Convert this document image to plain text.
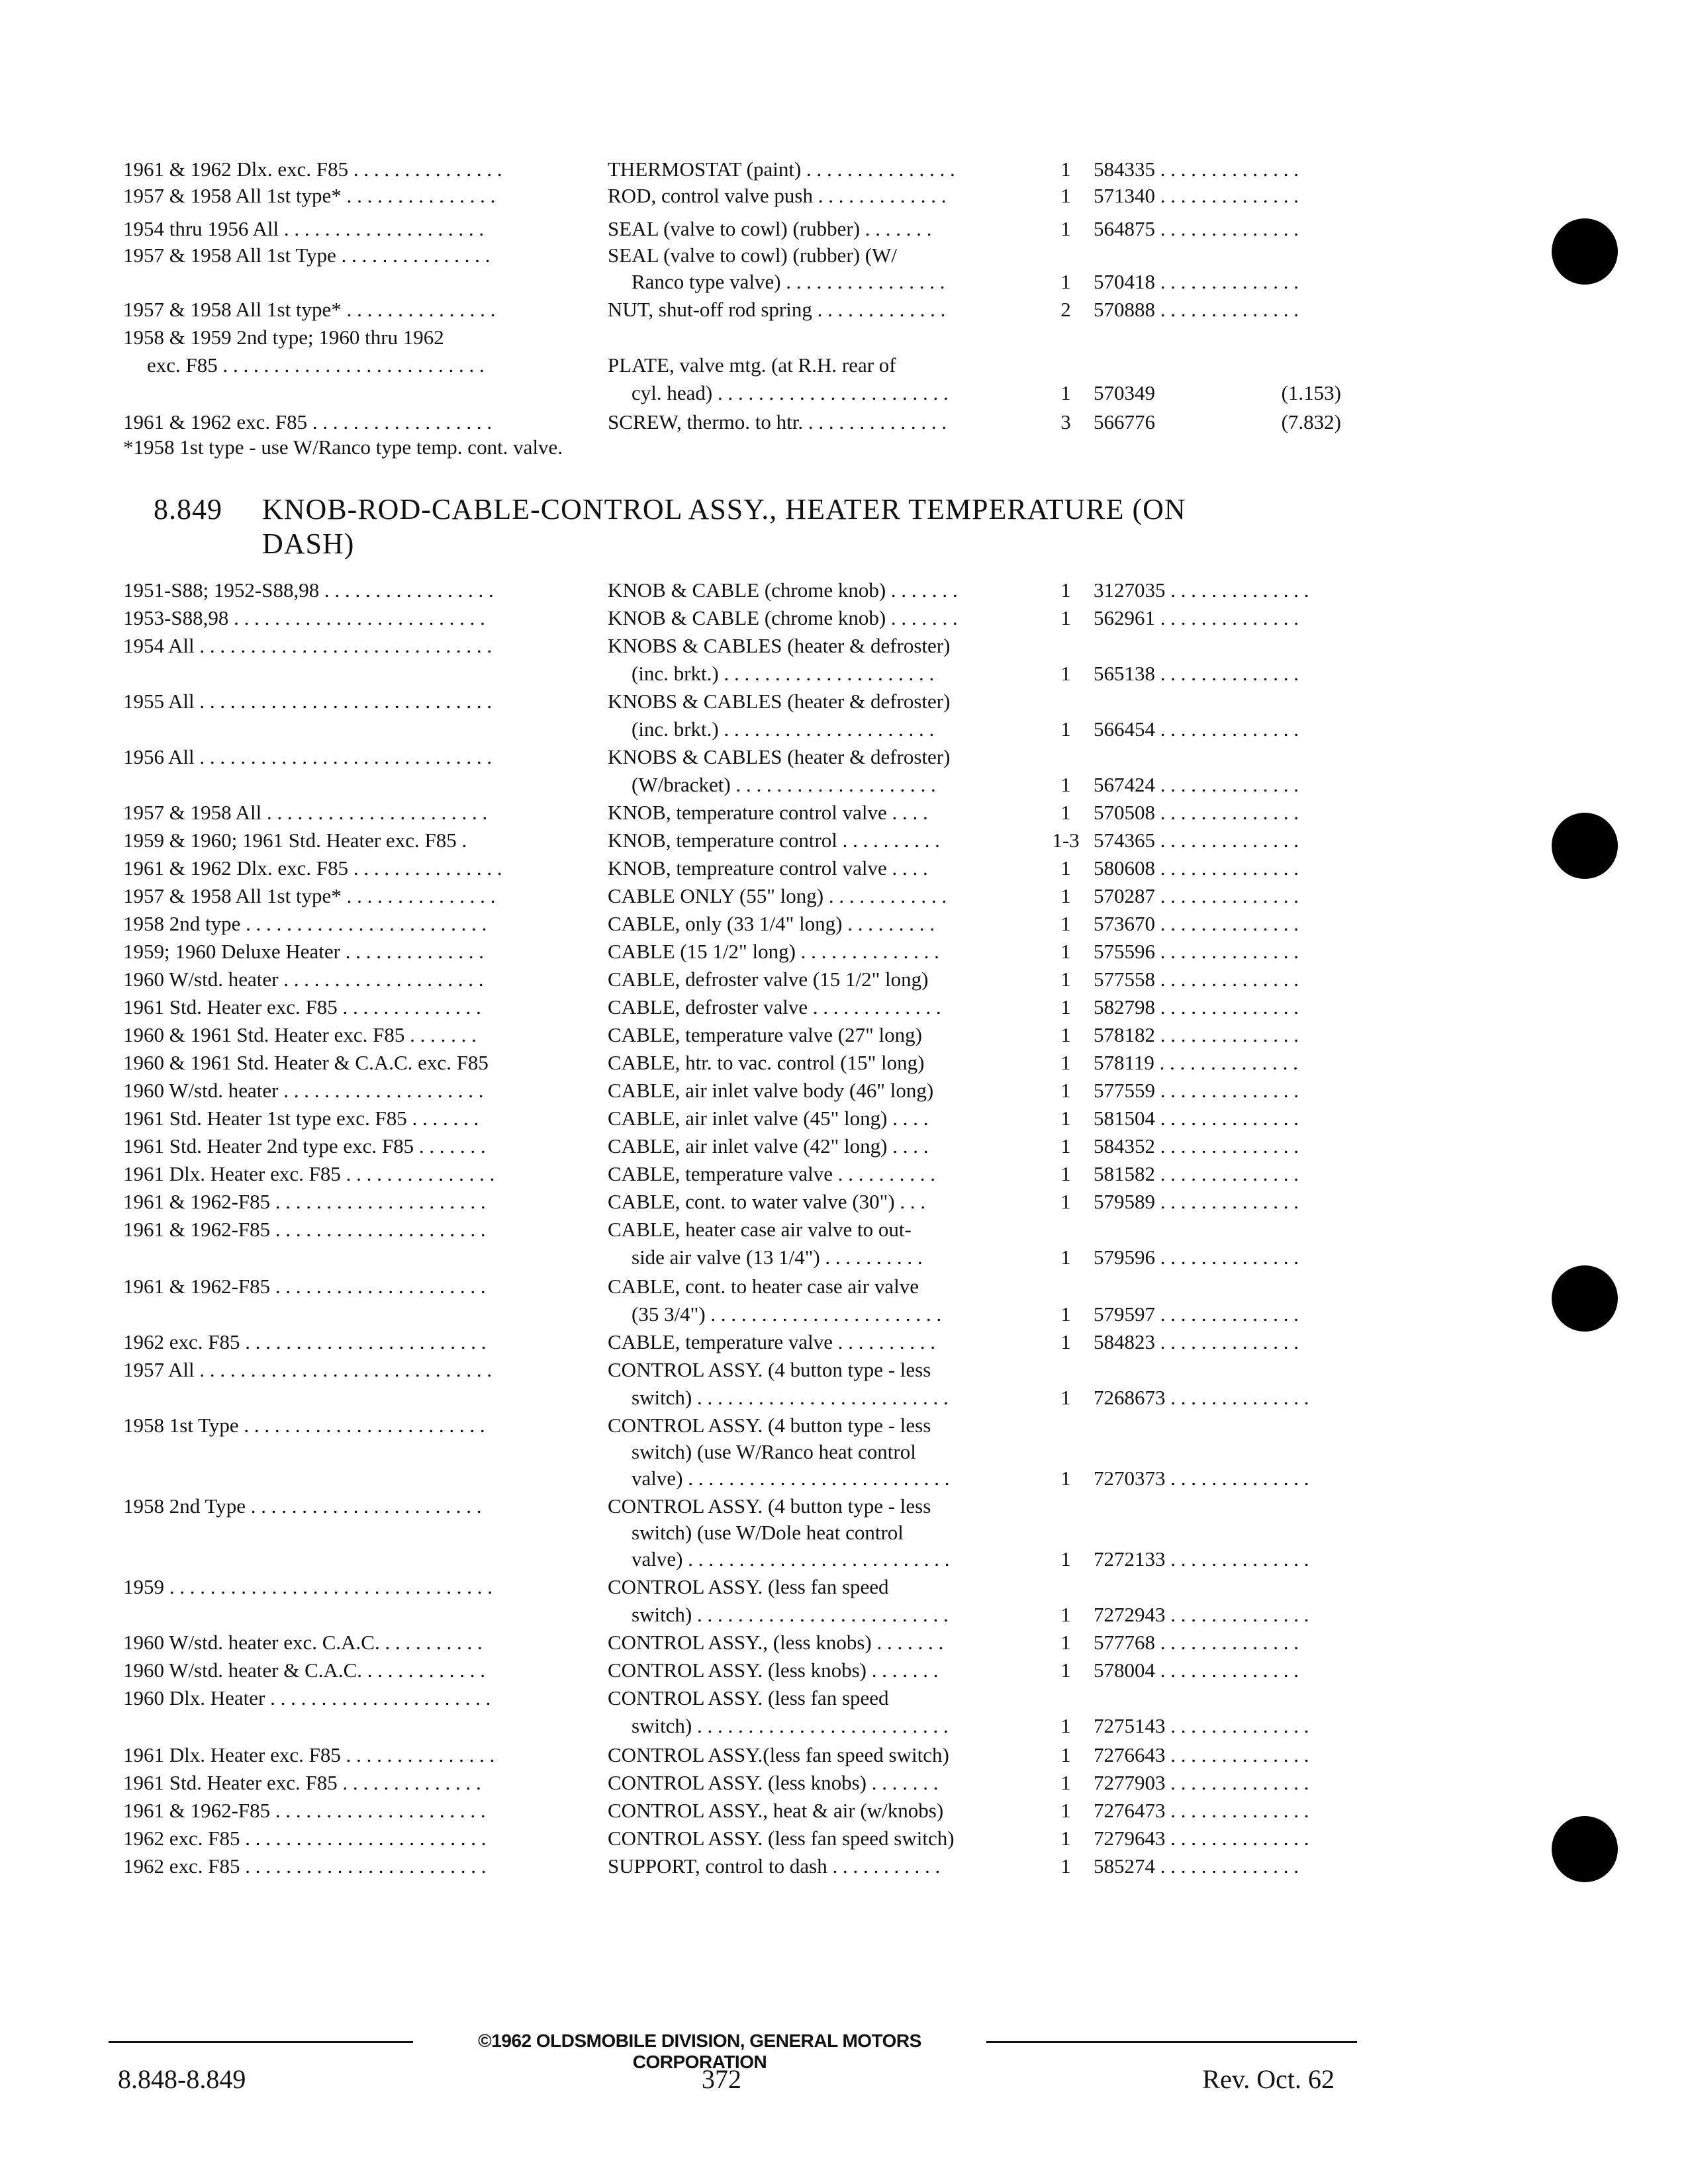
1961 & 1962 Dlx. exc. F85 . . . . . . . . . . . . . . .	THERMOSTAT (paint) . . . . . . . . . . . . . . .	1	584335 . . . . . . . . . . . . . .
1957 & 1958 All 1st type* . . . . . . . . . . . . . . .	ROD, control valve push . . . . . . . . . . . . .	1	571340 . . . . . . . . . . . . . .
1954 thru 1956 All . . . . . . . . . . . . . . . . . . . .	SEAL (valve to cowl) (rubber) . . . . . . .	1	564875 . . . . . . . . . . . . . .
1957 & 1958 All 1st Type . . . . . . . . . . . . . . .	SEAL (valve to cowl) (rubber) (W/
Ranco type valve) . . . . . . . . . . . . . . . .	1	570418 . . . . . . . . . . . . . .
1957 & 1958 All 1st type* . . . . . . . . . . . . . . .	NUT, shut-off rod spring . . . . . . . . . . . . .	2	570888 . . . . . . . . . . . . . .
1958 & 1959 2nd type; 1960 thru 1962
exc. F85 . . . . . . . . . . . . . . . . . . . . . . . . . .	PLATE, valve mtg. (at R.H. rear of
cyl. head) . . . . . . . . . . . . . . . . . . . . . . .	1	570349	(1.153)
1961 & 1962 exc. F85 . . . . . . . . . . . . . . . . . .	SCREW, thermo. to htr. . . . . . . . . . . . . . .	3	566776	(7.832)
*1958 1st type - use W/Ranco type temp. cont. valve.
8.849 KNOB-ROD-CABLE-CONTROL ASSY., HEATER TEMPERATURE (ON
DASH)
1951-S88; 1952-S88,98 . . . . . . . . . . . . . . . . .	KNOB & CABLE (chrome knob) . . . . . . .	1	3127035 . . . . . . . . . . . . . .
1953-S88,98 . . . . . . . . . . . . . . . . . . . . . . . . .	KNOB & CABLE (chrome knob) . . . . . . .	1	562961 . . . . . . . . . . . . . .
1954 All . . . . . . . . . . . . . . . . . . . . . . . . . . . . .	KNOBS & CABLES (heater & defroster)
(inc. brkt.) . . . . . . . . . . . . . . . . . . . . .	1	565138 . . . . . . . . . . . . . .
1955 All . . . . . . . . . . . . . . . . . . . . . . . . . . . . .	KNOBS & CABLES (heater & defroster)
(inc. brkt.) . . . . . . . . . . . . . . . . . . . . .	1	566454 . . . . . . . . . . . . . .
1956 All . . . . . . . . . . . . . . . . . . . . . . . . . . . . .	KNOBS & CABLES (heater & defroster)
(W/bracket) . . . . . . . . . . . . . . . . . . . .	1	567424 . . . . . . . . . . . . . .
1957 & 1958 All . . . . . . . . . . . . . . . . . . . . . .	KNOB, temperature control valve . . . .	1	570508 . . . . . . . . . . . . . .
1959 & 1960; 1961 Std. Heater exc. F85 .	KNOB, temperature control . . . . . . . . . .	1-3 574365 . . . . . . . . . . . . . .
1961 & 1962 Dlx. exc. F85 . . . . . . . . . . . . . . .	KNOB, tempreature control valve . . . .	1	580608 . . . . . . . . . . . . . .
1957 & 1958 All 1st type* . . . . . . . . . . . . . . .	CABLE ONLY (55" long) . . . . . . . . . . . .	1	570287 . . . . . . . . . . . . . .
1958 2nd type . . . . . . . . . . . . . . . . . . . . . . . .	CABLE, only (33 1/4" long) . . . . . . . . .	1	573670 . . . . . . . . . . . . . .
1959; 1960 Deluxe Heater . . . . . . . . . . . . . .	CABLE (15 1/2" long) . . . . . . . . . . . . . .	1	575596 . . . . . . . . . . . . . .
1960 W/std. heater . . . . . . . . . . . . . . . . . . . .	CABLE, defroster valve (15 1/2" long)	1	577558 . . . . . . . . . . . . . .
1961 Std. Heater exc. F85 . . . . . . . . . . . . . .	CABLE, defroster valve . . . . . . . . . . . . .	1	582798 . . . . . . . . . . . . . .
1960 & 1961 Std. Heater exc. F85 . . . . . . .	CABLE, temperature valve (27" long)	1	578182 . . . . . . . . . . . . . .
1960 & 1961 Std. Heater & C.A.C. exc. F85	CABLE, htr. to vac. control (15" long)	1	578119 . . . . . . . . . . . . . .
1960 W/std. heater . . . . . . . . . . . . . . . . . . . .	CABLE, air inlet valve body (46" long)	1	577559 . . . . . . . . . . . . . .
1961 Std. Heater 1st type exc. F85 . . . . . . .	CABLE, air inlet valve (45" long) . . . .	1	581504 . . . . . . . . . . . . . .
1961 Std. Heater 2nd type exc. F85 . . . . . . .	CABLE, air inlet valve (42" long) . . . .	1	584352 . . . . . . . . . . . . . .
1961 Dlx. Heater exc. F85 . . . . . . . . . . . . . . .	CABLE, temperature valve . . . . . . . . . .	1	581582 . . . . . . . . . . . . . .
1961 & 1962-F85 . . . . . . . . . . . . . . . . . . . . .	CABLE, cont. to water valve (30") . . .	1	579589 . . . . . . . . . . . . . .
1961 & 1962-F85 . . . . . . . . . . . . . . . . . . . . .	CABLE, heater case air valve to out-
side air valve (13 1/4") . . . . . . . . . .	1	579596 . . . . . . . . . . . . . .
1961 & 1962-F85 . . . . . . . . . . . . . . . . . . . . .	CABLE, cont. to heater case air valve
(35 3/4") . . . . . . . . . . . . . . . . . . . . . . .	1	579597 . . . . . . . . . . . . . .
1962 exc. F85 . . . . . . . . . . . . . . . . . . . . . . . .	CABLE, temperature valve . . . . . . . . . .	1	584823 . . . . . . . . . . . . . .
1957 All . . . . . . . . . . . . . . . . . . . . . . . . . . . . .	CONTROL ASSY. (4 button type - less
switch) . . . . . . . . . . . . . . . . . . . . . . . . .	1	7268673 . . . . . . . . . . . . . .
1958 1st Type . . . . . . . . . . . . . . . . . . . . . . . .	CONTROL ASSY. (4 button type - less
switch) (use W/Ranco heat control
valve) . . . . . . . . . . . . . . . . . . . . . . . . . .	1	7270373 . . . . . . . . . . . . . .
1958 2nd Type . . . . . . . . . . . . . . . . . . . . . . .	CONTROL ASSY. (4 button type - less
switch) (use W/Dole heat control
valve) . . . . . . . . . . . . . . . . . . . . . . . . . .	1	7272133 . . . . . . . . . . . . . .
1959 . . . . . . . . . . . . . . . . . . . . . . . . . . . . . . . .	CONTROL ASSY. (less fan speed
switch) . . . . . . . . . . . . . . . . . . . . . . . . .	1	7272943 . . . . . . . . . . . . . .
1960 W/std. heater exc. C.A.C. . . . . . . . . . .	CONTROL ASSY., (less knobs) . . . . . . .	1	577768 . . . . . . . . . . . . . .
1960 W/std. heater & C.A.C. . . . . . . . . . . . .	CONTROL ASSY. (less knobs) . . . . . . .	1	578004 . . . . . . . . . . . . . .
1960 Dlx. Heater . . . . . . . . . . . . . . . . . . . . . .	CONTROL ASSY. (less fan speed
switch) . . . . . . . . . . . . . . . . . . . . . . . . .	1	7275143 . . . . . . . . . . . . . .
1961 Dlx. Heater exc. F85 . . . . . . . . . . . . . . .	CONTROL ASSY.(less fan speed switch)	1	7276643 . . . . . . . . . . . . . .
1961 Std. Heater exc. F85 . . . . . . . . . . . . . .	CONTROL ASSY. (less knobs) . . . . . . .	1	7277903 . . . . . . . . . . . . . .
1961 & 1962-F85 . . . . . . . . . . . . . . . . . . . . .	CONTROL ASSY., heat & air (w/knobs)	1	7276473 . . . . . . . . . . . . . .
1962 exc. F85 . . . . . . . . . . . . . . . . . . . . . . . .	CONTROL ASSY. (less fan speed switch)	1	7279643 . . . . . . . . . . . . . .
1962 exc. F85 . . . . . . . . . . . . . . . . . . . . . . . .	SUPPORT, control to dash . . . . . . . . . . .	1	585274 . . . . . . . . . . . . . .
©1962 OLDSMOBILE DIVISION, GENERAL MOTORS CORPORATION
8.848-8.849	372	Rev. Oct. 62
